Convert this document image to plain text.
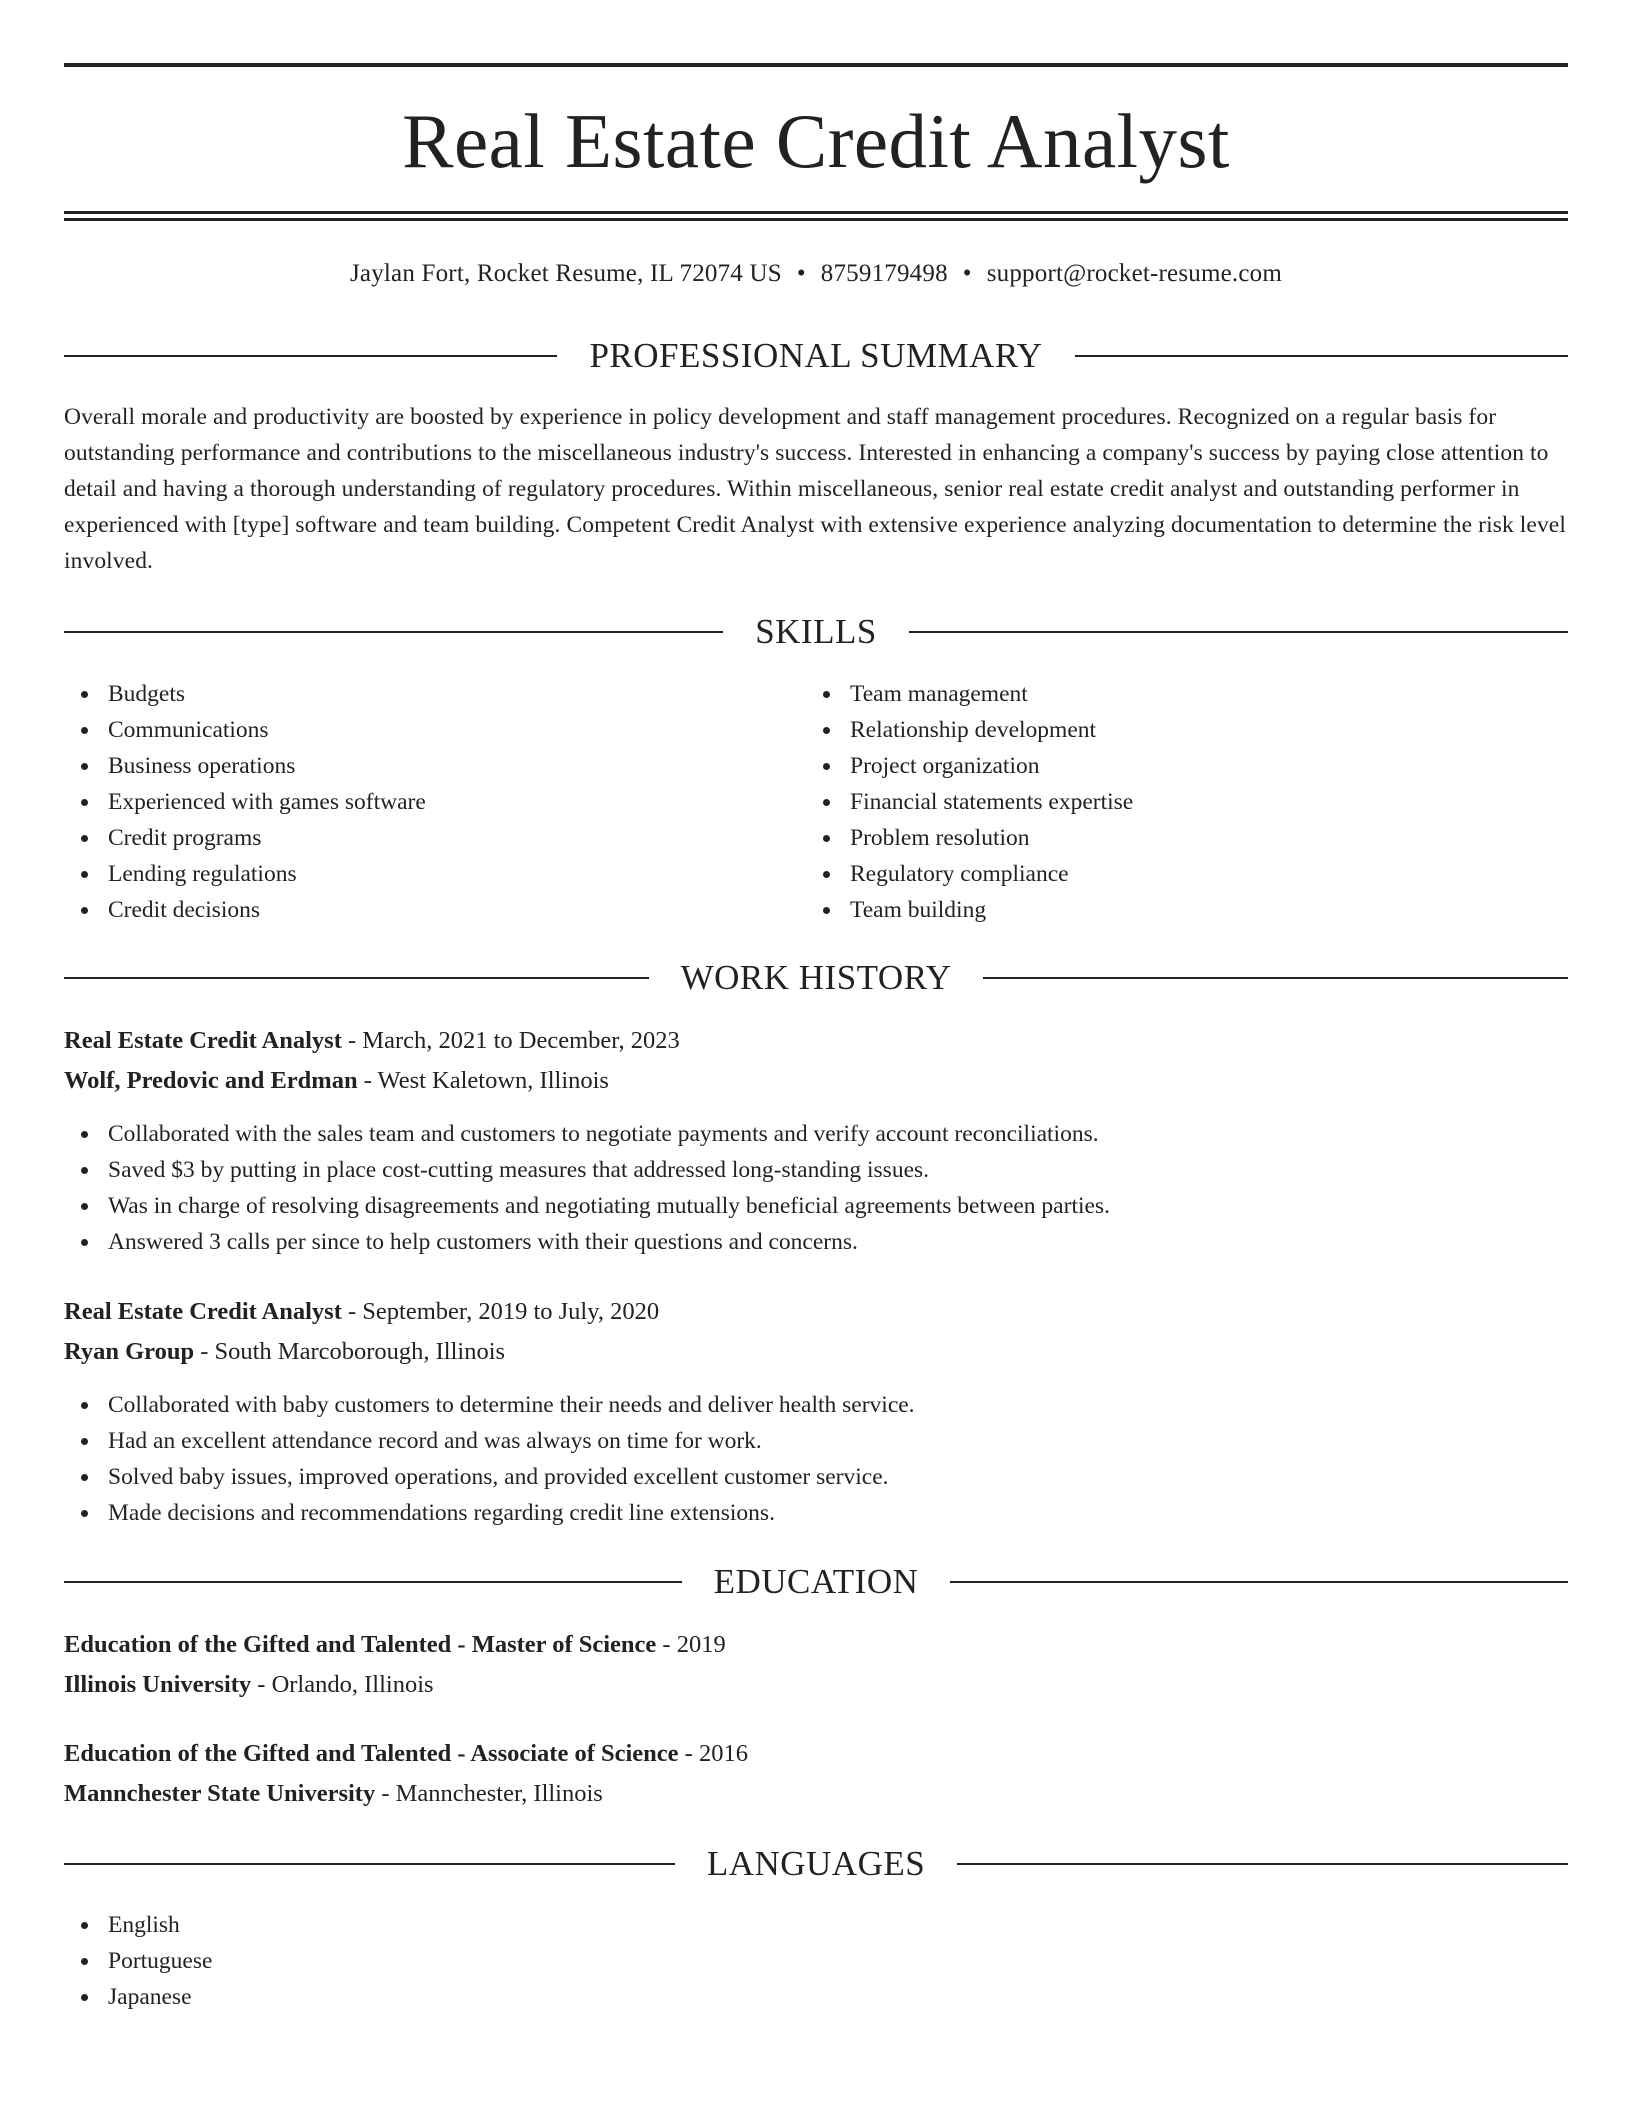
Real Estate Credit Analyst
Jaylan Fort, Rocket Resume, IL 72074 US • 8759179498 • support@rocket-resume.com
PROFESSIONAL SUMMARY
Overall morale and productivity are boosted by experience in policy development and staff management procedures. Recognized on a regular basis for outstanding performance and contributions to the miscellaneous industry's success. Interested in enhancing a company's success by paying close attention to detail and having a thorough understanding of regulatory procedures. Within miscellaneous, senior real estate credit analyst and outstanding performer in experienced with [type] software and team building. Competent Credit Analyst with extensive experience analyzing documentation to determine the risk level involved.
SKILLS
Budgets
Communications
Business operations
Experienced with games software
Credit programs
Lending regulations
Credit decisions
Team management
Relationship development
Project organization
Financial statements expertise
Problem resolution
Regulatory compliance
Team building
WORK HISTORY
Real Estate Credit Analyst - March, 2021 to December, 2023
Wolf, Predovic and Erdman - West Kaletown, Illinois
Collaborated with the sales team and customers to negotiate payments and verify account reconciliations.
Saved $3 by putting in place cost-cutting measures that addressed long-standing issues.
Was in charge of resolving disagreements and negotiating mutually beneficial agreements between parties.
Answered 3 calls per since to help customers with their questions and concerns.
Real Estate Credit Analyst - September, 2019 to July, 2020
Ryan Group - South Marcoborough, Illinois
Collaborated with baby customers to determine their needs and deliver health service.
Had an excellent attendance record and was always on time for work.
Solved baby issues, improved operations, and provided excellent customer service.
Made decisions and recommendations regarding credit line extensions.
EDUCATION
Education of the Gifted and Talented - Master of Science - 2019
Illinois University - Orlando, Illinois
Education of the Gifted and Talented - Associate of Science - 2016
Mannchester State University - Mannchester, Illinois
LANGUAGES
English
Portuguese
Japanese
